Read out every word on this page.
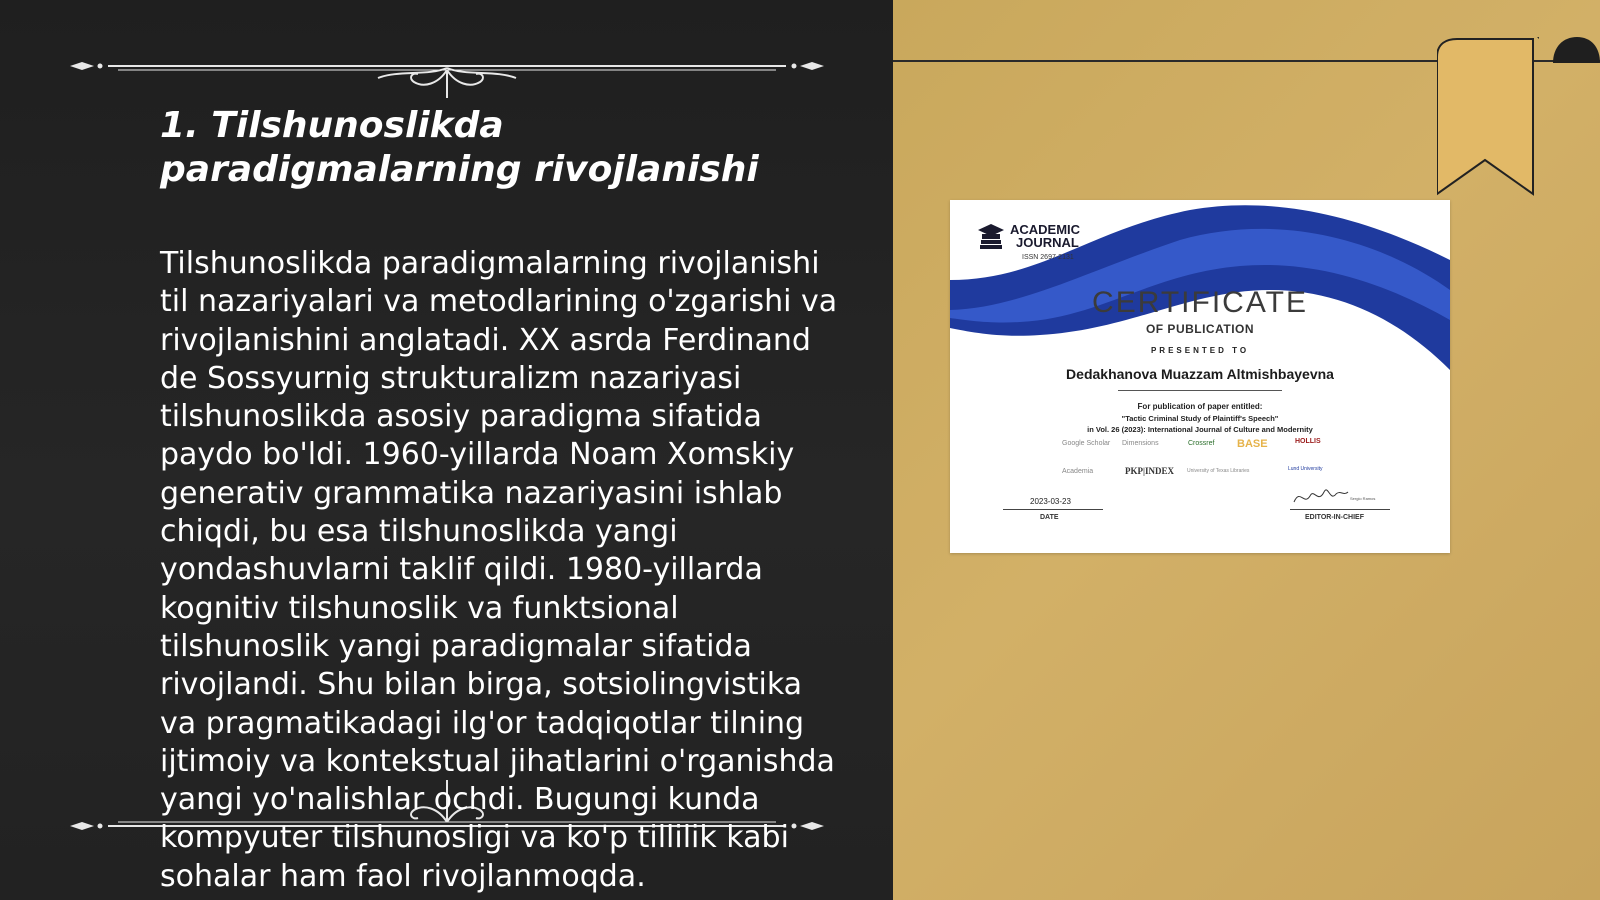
1. Tilshunoslikda paradigmalarning rivojlanishi

Tilshunoslikda paradigmalarning rivojlanishi til nazariyalari va metodlarining o'zgarishi va rivojlanishini anglatadi. XX asrda Ferdinand de Sossyurnig strukturalizm nazariyasi tilshunoslikda asosiy paradigma sifatida paydo bo'ldi. 1960-yillarda Noam Xomskiy generativ grammatika nazariyasini ishlab chiqdi, bu esa tilshunoslikda yangi yondashuvlarni taklif qildi. 1980-yillarda kognitiv tilshunoslik va funktsional tilshunoslik yangi paradigmalar sifatida rivojlandi. Shu bilan birga, sotsiolingvistika va pragmatikadagi ilg'or tadqiqotlar tilning ijtimoiy va kontekstual jihatlarini o'rganishda yangi yo'nalishlar ochdi. Bugungi kunda kompyuter tilshunosligi va ko'p tillilik kabi sohalar ham faol rivojlanmoqda.

ACADEMIC
JOURNAL
ISSN 2697-2131
CERTIFICATE
OF PUBLICATION
PRESENTED TO
Dedakhanova Muazzam Altmishbayevna
For publication of paper entitled:
"Tactic Criminal Study of Plaintiff's Speech"
in Vol. 26 (2023): International Journal of Culture and Modernity
Google Scholar Dimensions	Crossref BASE	HOLLIS
Academia	PKP|INDEX	University of Texas Libraries	Lund University
2023-03-23
DATE
Sergio Ramos
EDITOR-IN-CHIEF
